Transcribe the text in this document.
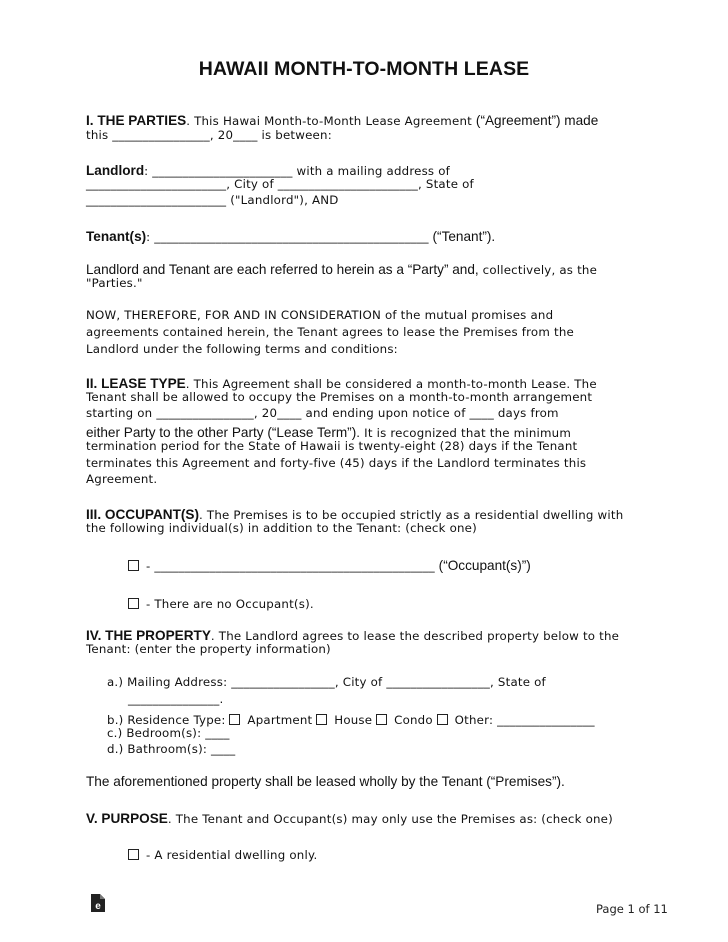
HAWAII MONTH-TO-MONTH LEASE
I. THE PARTIES. This Hawai Month-to-Month Lease Agreement (“Agreement”) made
this ________________, 20____ is between:
Landlord: _______________________ with a mailing address of
_______________________, City of _______________________, State of
_______________________ ("Landlord"), AND
Tenant(s): _____________________________________________ (“Tenant”).
Landlord and Tenant are each referred to herein as a “Party” and, collectively, as the
"Parties."
NOW, THEREFORE, FOR AND IN CONSIDERATION of the mutual promises and
agreements contained herein, the Tenant agrees to lease the Premises from the
Landlord under the following terms and conditions:
II. LEASE TYPE. This Agreement shall be considered a month-to-month Lease. The
Tenant shall be allowed to occupy the Premises on a month-to-month arrangement
starting on ________________, 20____ and ending upon notice of ____ days from
either Party to the other Party (“Lease Term”). It is recognized that the minimum
termination period for the State of Hawaii is twenty-eight (28) days if the Tenant
terminates this Agreement and forty-five (45) days if the Landlord terminates this
Agreement.
III. OCCUPANT(S). The Premises is to be occupied strictly as a residential dwelling with
the following individual(s) in addition to the Tenant: (check one)
- ______________________________________________ (“Occupant(s)”)
- There are no Occupant(s).
IV. THE PROPERTY. The Landlord agrees to lease the described property below to the
Tenant: (enter the property information)
a.) Mailing Address: _________________, City of _________________, State of
_______________.
b.) Residence Type:  Apartment  House  Condo  Other: ________________
c.) Bedroom(s): ____
d.) Bathroom(s): ____
The aforementioned property shall be leased wholly by the Tenant (“Premises”).
V. PURPOSE. The Tenant and Occupant(s) may only use the Premises as: (check one)
- A residential dwelling only.
e	Page 1 of 11
